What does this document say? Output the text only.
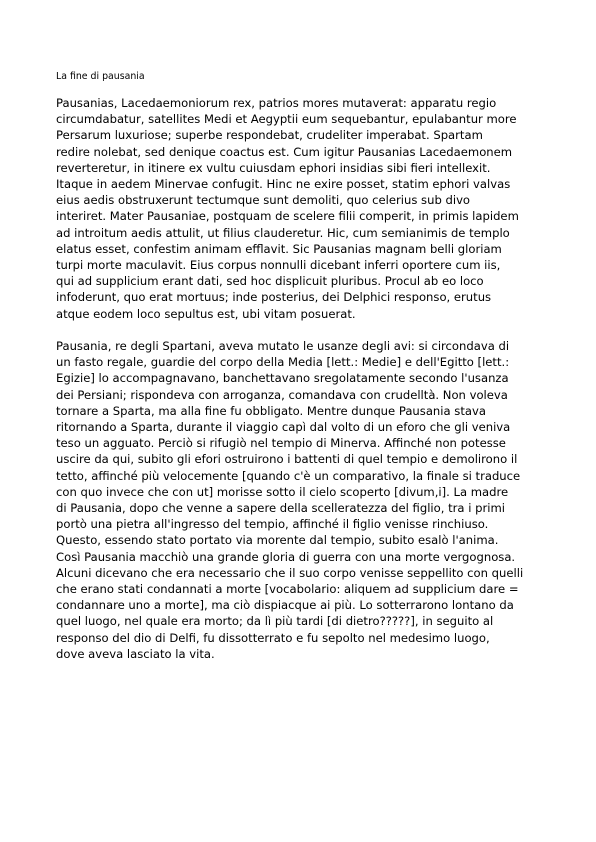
La fine di pausania
Pausanias, Lacedaemoniorum rex, patrios mores mutaverat: apparatu regio
circumdabatur, satellites Medi et Aegyptii eum sequebantur, epulabantur more
Persarum luxuriose; superbe respondebat, crudeliter imperabat. Spartam
redire nolebat, sed denique coactus est. Cum igitur Pausanias Lacedaemonem
reverteretur, in itinere ex vultu cuiusdam ephori insidias sibi fieri intellexit.
Itaque in aedem Minervae confugit. Hinc ne exire posset, statim ephori valvas
eius aedis obstruxerunt tectumque sunt demoliti, quo celerius sub divo
interiret. Mater Pausaniae, postquam de scelere filii comperit, in primis lapidem
ad introitum aedis attulit, ut filius clauderetur. Hic, cum semianimis de templo
elatus esset, confestim animam efflavit. Sic Pausanias magnam belli gloriam
turpi morte maculavit. Eius corpus nonnulli dicebant inferri oportere cum iis,
qui ad supplicium erant dati, sed hoc displicuit pluribus. Procul ab eo loco
infoderunt, quo erat mortuus; inde posterius, dei Delphici responso, erutus
atque eodem loco sepultus est, ubi vitam posuerat.
Pausania, re degli Spartani, aveva mutato le usanze degli avi: si circondava di
un fasto regale, guardie del corpo della Media [lett.: Medie] e dell'Egitto [lett.:
Egizie] lo accompagnavano, banchettavano sregolatamente secondo l'usanza
dei Persiani; rispondeva con arroganza, comandava con crudelltà. Non voleva
tornare a Sparta, ma alla fine fu obbligato. Mentre dunque Pausania stava
ritornando a Sparta, durante il viaggio capì dal volto di un eforo che gli veniva
teso un agguato. Perciò si rifugiò nel tempio di Minerva. Affinché non potesse
uscire da qui, subito gli efori ostruirono i battenti di quel tempio e demolirono il
tetto, affinché più velocemente [quando c'è un comparativo, la finale si traduce
con quo invece che con ut] morisse sotto il cielo scoperto [divum,i]. La madre
di Pausania, dopo che venne a sapere della scelleratezza del figlio, tra i primi
portò una pietra all'ingresso del tempio, affinché il figlio venisse rinchiuso.
Questo, essendo stato portato via morente dal tempio, subito esalò l'anima.
Così Pausania macchiò una grande gloria di guerra con una morte vergognosa.
Alcuni dicevano che era necessario che il suo corpo venisse seppellito con quelli
che erano stati condannati a morte [vocabolario: aliquem ad supplicium dare =
condannare uno a morte], ma ciò dispiacque ai più. Lo sotterrarono lontano da
quel luogo, nel quale era morto; da lì più tardi [di dietro?????], in seguito al
responso del dio di Delfi, fu dissotterrato e fu sepolto nel medesimo luogo,
dove aveva lasciato la vita.
